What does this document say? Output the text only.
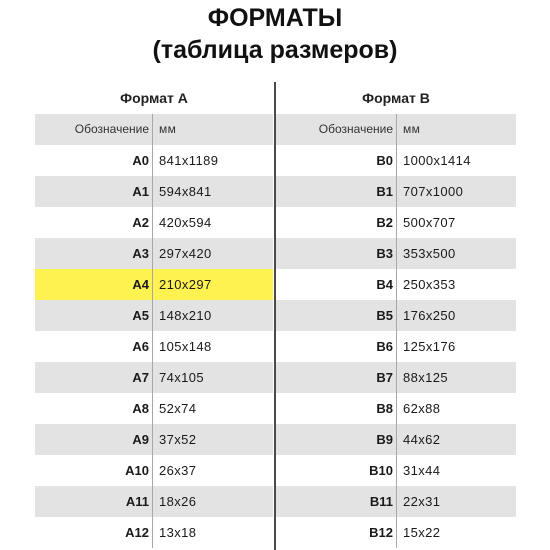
ФОРМАТЫ
(таблица размеров)
Формат А
Обозначение мм
А0 841х1189
А1 594х841
А2 420х594
А3 297х420
А4 210х297
А5 148х210
А6 105х148
А7 74х105
А8 52х74
А9 37х52
А10 26х37
А11 18х26
А12 13х18
Формат В
Обозначение мм
В0 1000х1414
В1 707х1000
В2 500х707
В3 353х500
В4 250х353
В5 176х250
В6 125х176
В7 88х125
В8 62х88
В9 44х62
В10 31х44
В11 22х31
В12 15х22
